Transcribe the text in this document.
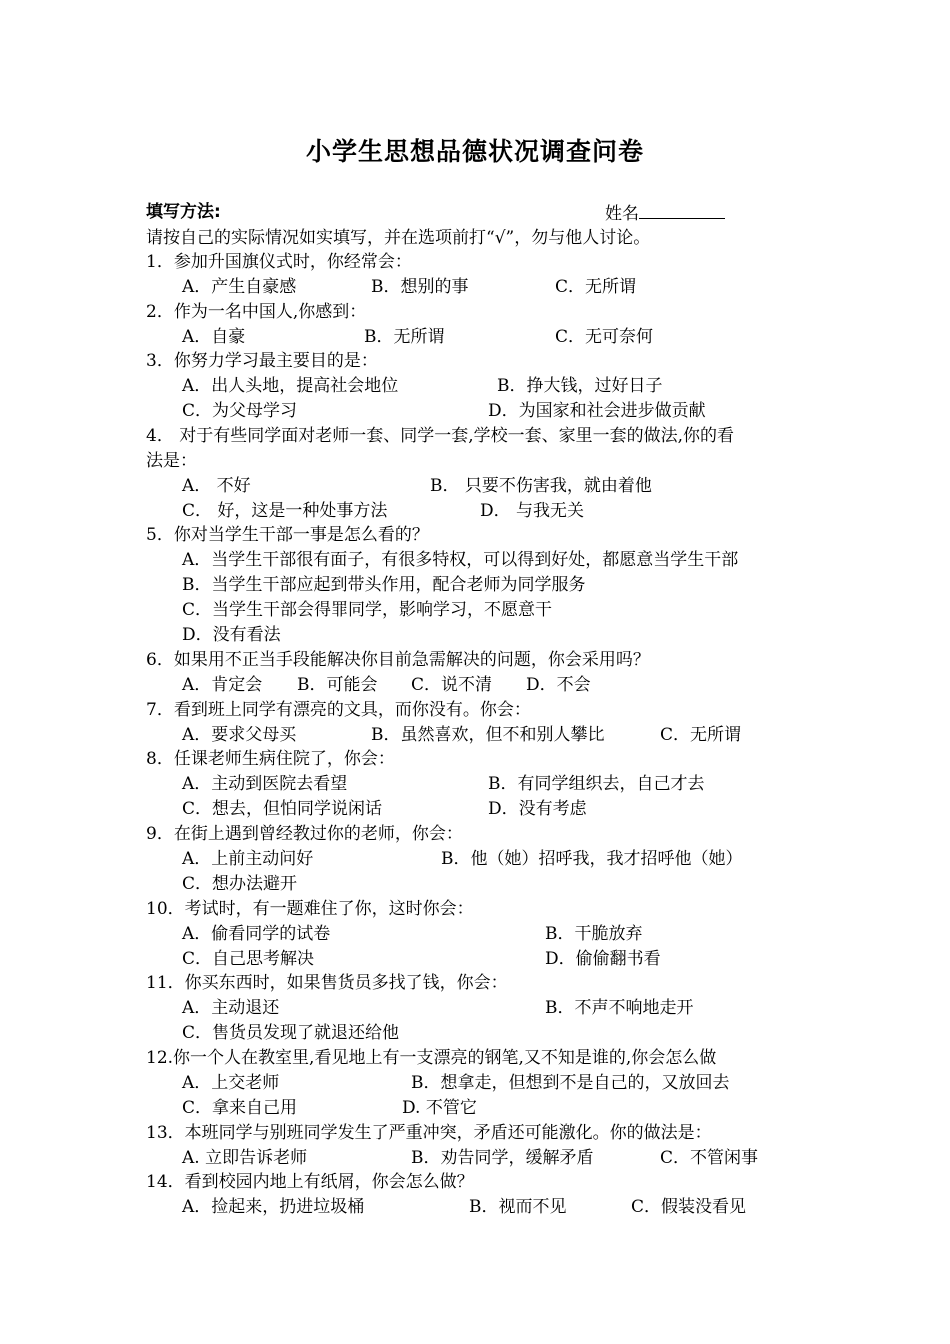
小学生思想品德状况调查问卷
填写方法:	姓名
请按自己的实际情况如实填写，并在选项前打“√”，勿与他人讨论。
1．参加升国旗仪式时，你经常会：
A．产生自豪感	B．想别的事	C．无所谓
2．作为一名中国人,你感到：
A．自豪	B．无所谓	C．无可奈何
3．你努力学习最主要目的是：
A．出人头地，提高社会地位	B．挣大钱，过好日子
C．为父母学习	D．为国家和社会进步做贡献
4． 对于有些同学面对老师一套、同学一套,学校一套、家里一套的做法,你的看
法是：
A． 不好	B． 只要不伤害我，就由着他
C． 好，这是一种处事方法	D． 与我无关
5．你对当学生干部一事是怎么看的？
A．当学生干部很有面子，有很多特权，可以得到好处，都愿意当学生干部
B．当学生干部应起到带头作用，配合老师为同学服务
C．当学生干部会得罪同学，影响学习，不愿意干
D．没有看法
6．如果用不正当手段能解决你目前急需解决的问题，你会采用吗？
A．肯定会 B．可能会 C．说不清 D．不会
7．看到班上同学有漂亮的文具，而你没有。你会：
A．要求父母买	B．虽然喜欢，但不和别人攀比	C．无所谓
8．任课老师生病住院了，你会：
A．主动到医院去看望	B．有同学组织去，自己才去
C．想去，但怕同学说闲话	D．没有考虑
9．在街上遇到曾经教过你的老师，你会：
A．上前主动问好	B．他（她）招呼我，我才招呼他（她）
C．想办法避开
10．考试时，有一题难住了你，这时你会：
A．偷看同学的试卷	B．干脆放弃
C．自己思考解决	D．偷偷翻书看
11．你买东西时，如果售货员多找了钱，你会：
A．主动退还	B．不声不响地走开
C．售货员发现了就退还给他
12.你一个人在教室里,看见地上有一支漂亮的钢笔,又不知是谁的,你会怎么做
A．上交老师	B．想拿走，但想到不是自己的，又放回去
C．拿来自己用	D. 不管它
13．本班同学与别班同学发生了严重冲突，矛盾还可能激化。你的做法是：
A. 立即告诉老师	B．劝告同学，缓解矛盾	C．不管闲事
14．看到校园内地上有纸屑，你会怎么做？
A．捡起来，扔进垃圾桶	B．视而不见	C．假装没看见
